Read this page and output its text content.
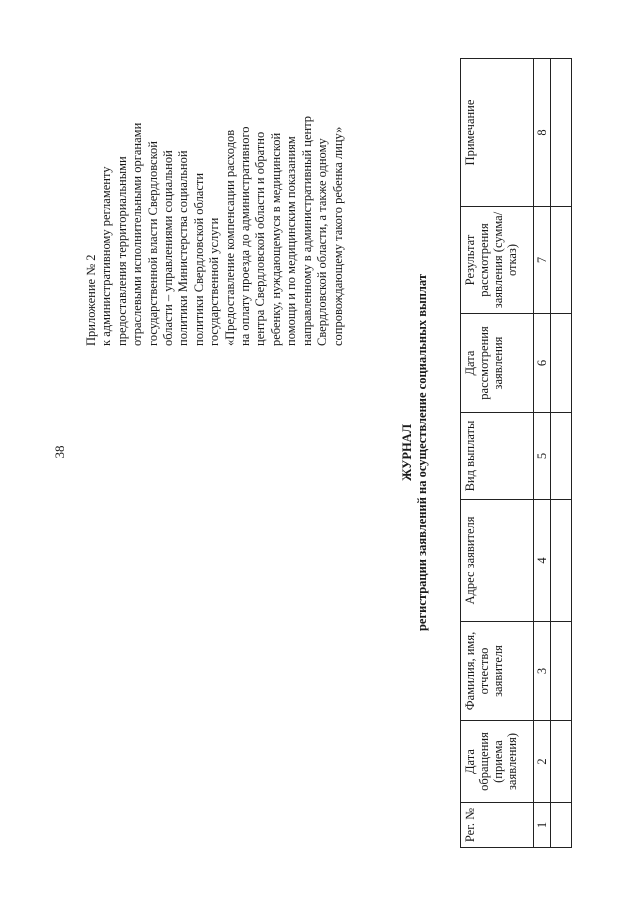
38
Приложение № 2 к административному регламенту предоставления территориальными отраслевыми исполнительными органами государственной власти Свердловской области – управлениями социальной политики Министерства социальной политики Свердловской области государственной услуги «Предоставление компенсации расходов на оплату проезда до административного центра Свердловской области и обратно ребенку, нуждающемуся в медицинской помощи и по медицинским показаниям направленному в административный центр Свердловской области, а также одному сопровождающему такого ребенка лицу»
ЖУРНАЛ регистрации заявлений на осуществление социальных выплат
Рег. №	Дата обращения (приема заявления)	Фамилия, имя, отчество заявителя	Адрес заявителя	Вид выплаты	Дата рассмотрения заявления	Результат рассмотрения заявления (сумма/отказ)	Примечание
1	2	3	4	5	6	7	8
